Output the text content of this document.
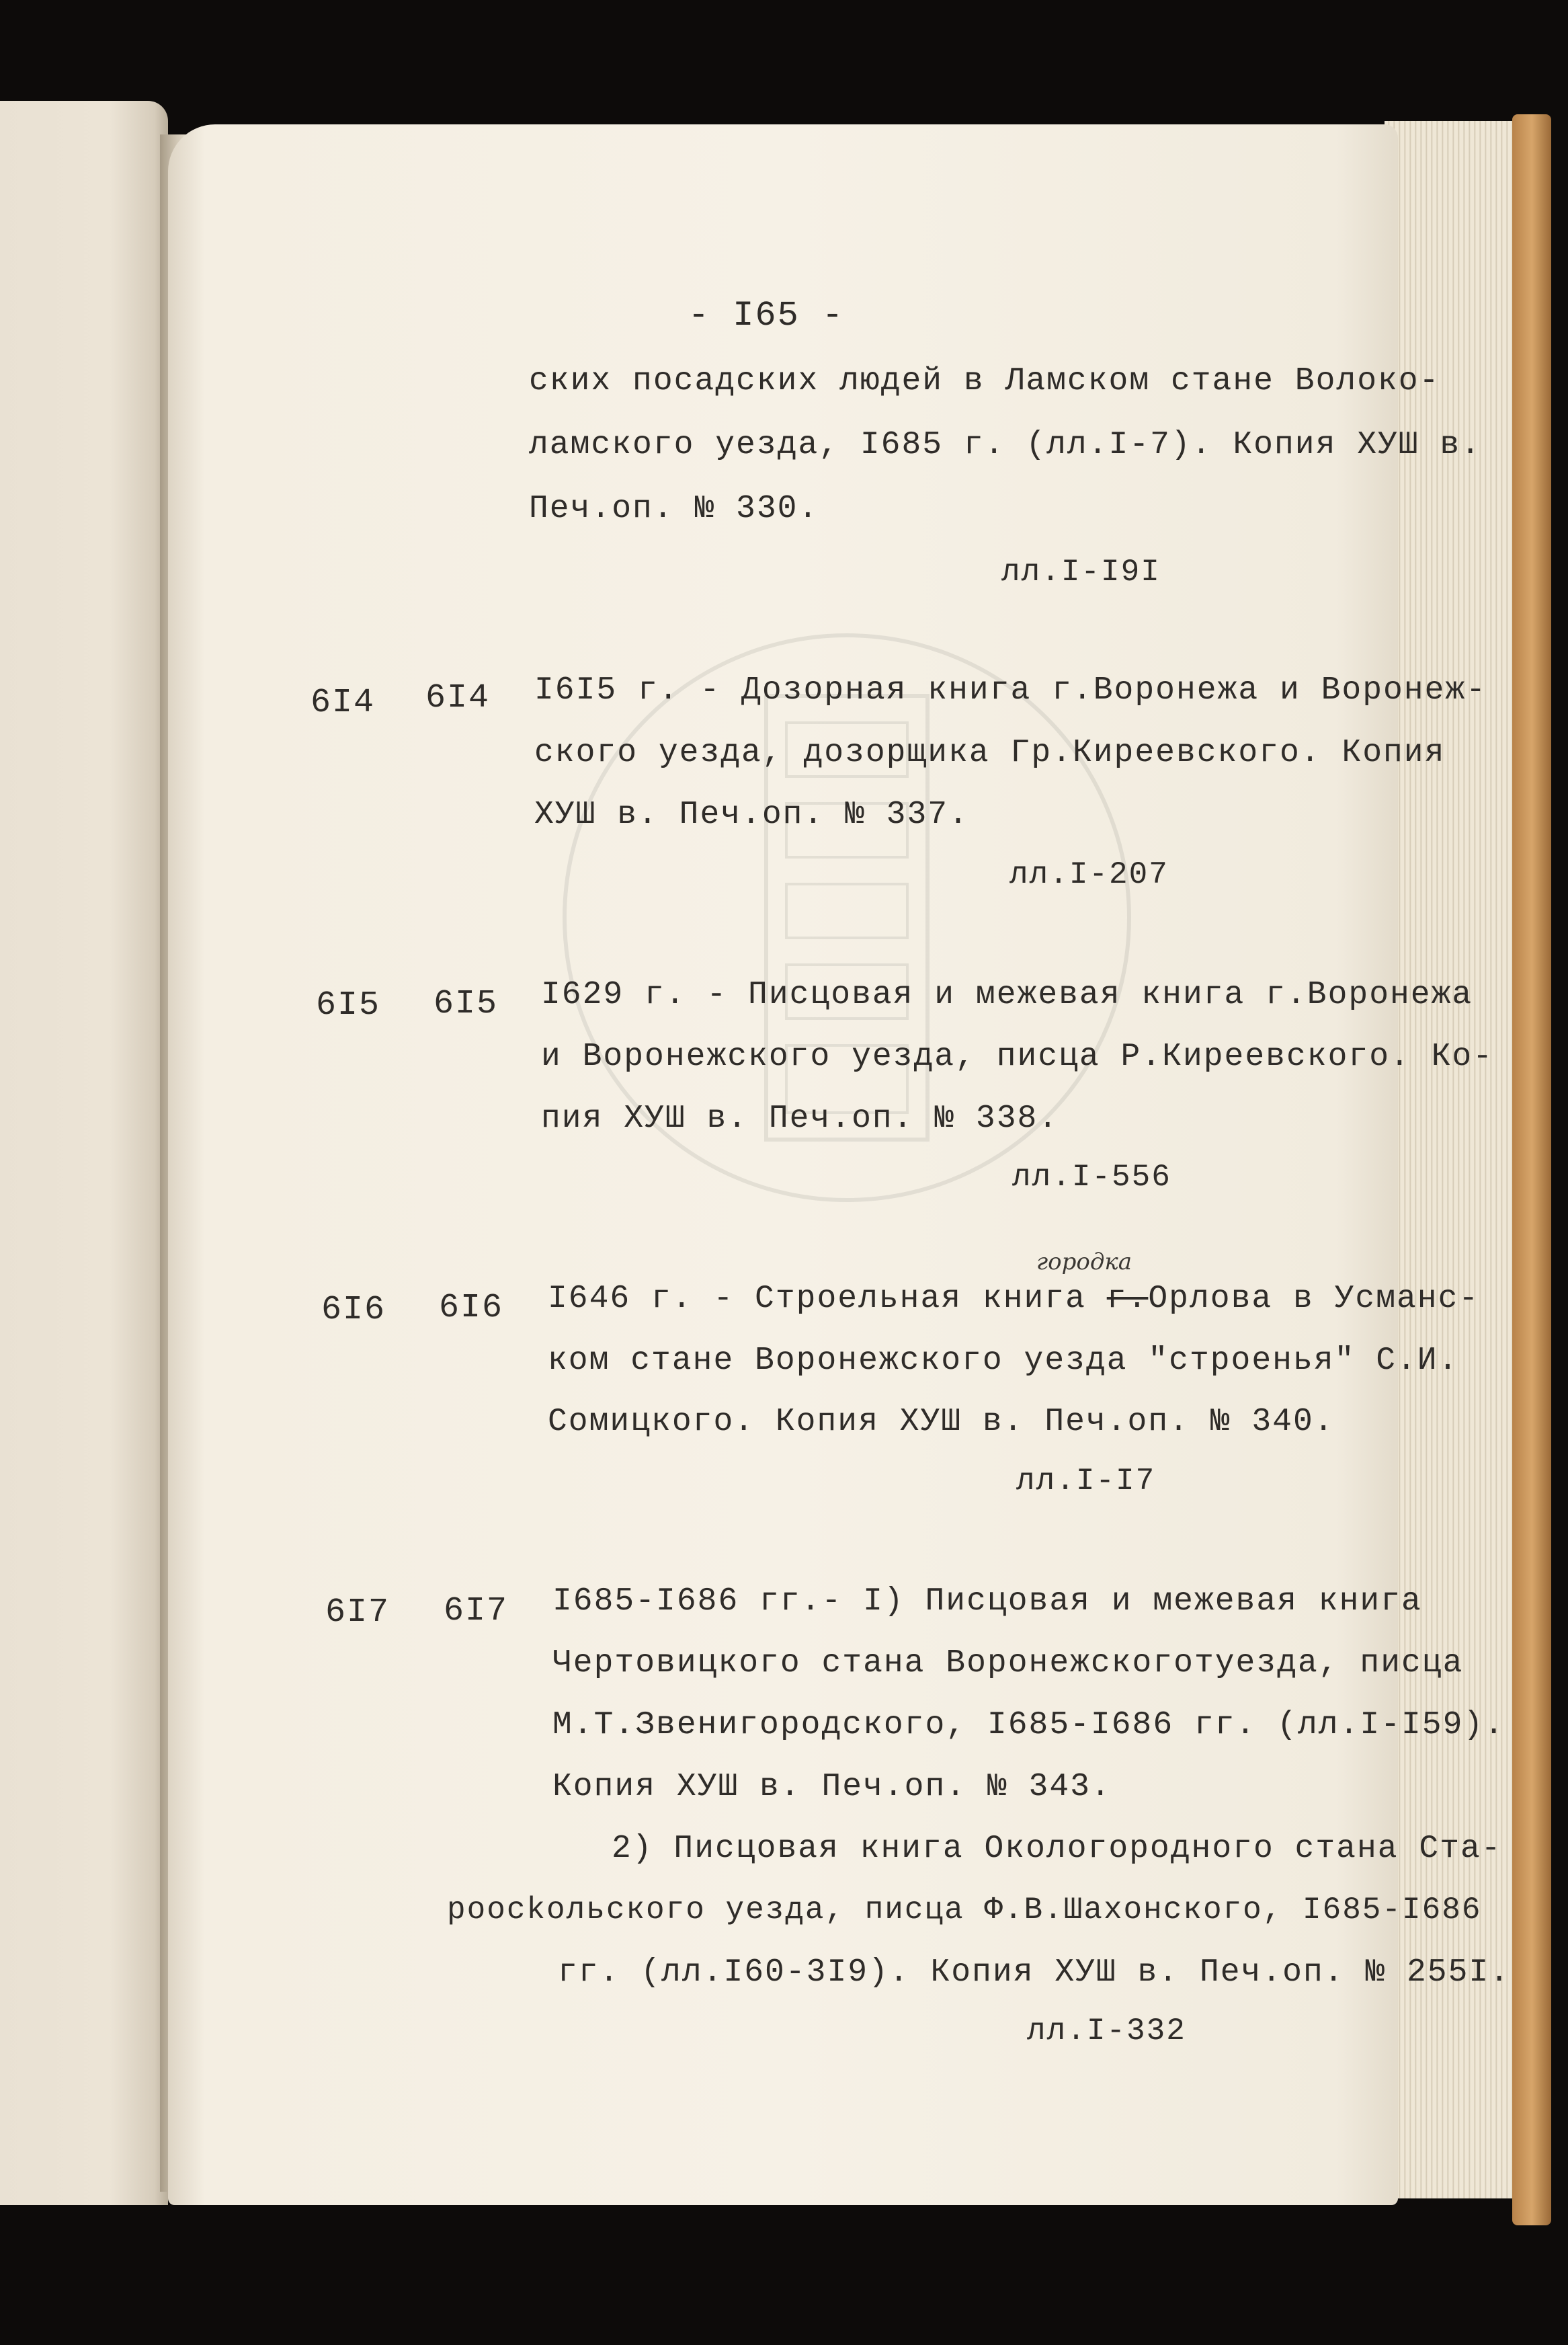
- I65 -
ских посадских людей в Ламском стане Волоко-
ламского уезда, I685 г. (лл.I-7). Копия ХУШ в.
Печ.оп. № 330.
лл.I-I9I
6I4 6I4 I6I5 г. - Дозорная книга г.Воронежа и Воронеж-
ского уезда, дозорщика Гр.Киреевского. Копия
ХУШ в. Печ.оп. № 337.
лл.I-207
6I5 6I5 I629 г. - Писцовая и межевая книга г.Воронежа
и Воронежского уезда, писца Р.Киреевского. Ко-
пия ХУШ в. Печ.оп. № 338.
лл.I-556
6I6 6I6
городка
I646 г. - Строельная книга г.Орлова в Усманс-
ком стане Воронежского уезда "строенья" С.И.
Сомицкого. Копия ХУШ в. Печ.оп. № 340.
лл.I-I7
6I7 6I7 I685-I686 гг.- I) Писцовая и межевая книга
Чертовицкого стана Воронежскоготуезда, писца
М.Т.Звенигородского, I685-I686 гг. (лл.I-I59).
Копия ХУШ в. Печ.оп. № 343.
2) Писцовая книга Окологородного стана Ста-
роосkольского уезда, писца Ф.В.Шахонского, I685-I686
гг. (лл.I60-3I9). Копия ХУШ в. Печ.оп. № 255I.
лл.I-332
